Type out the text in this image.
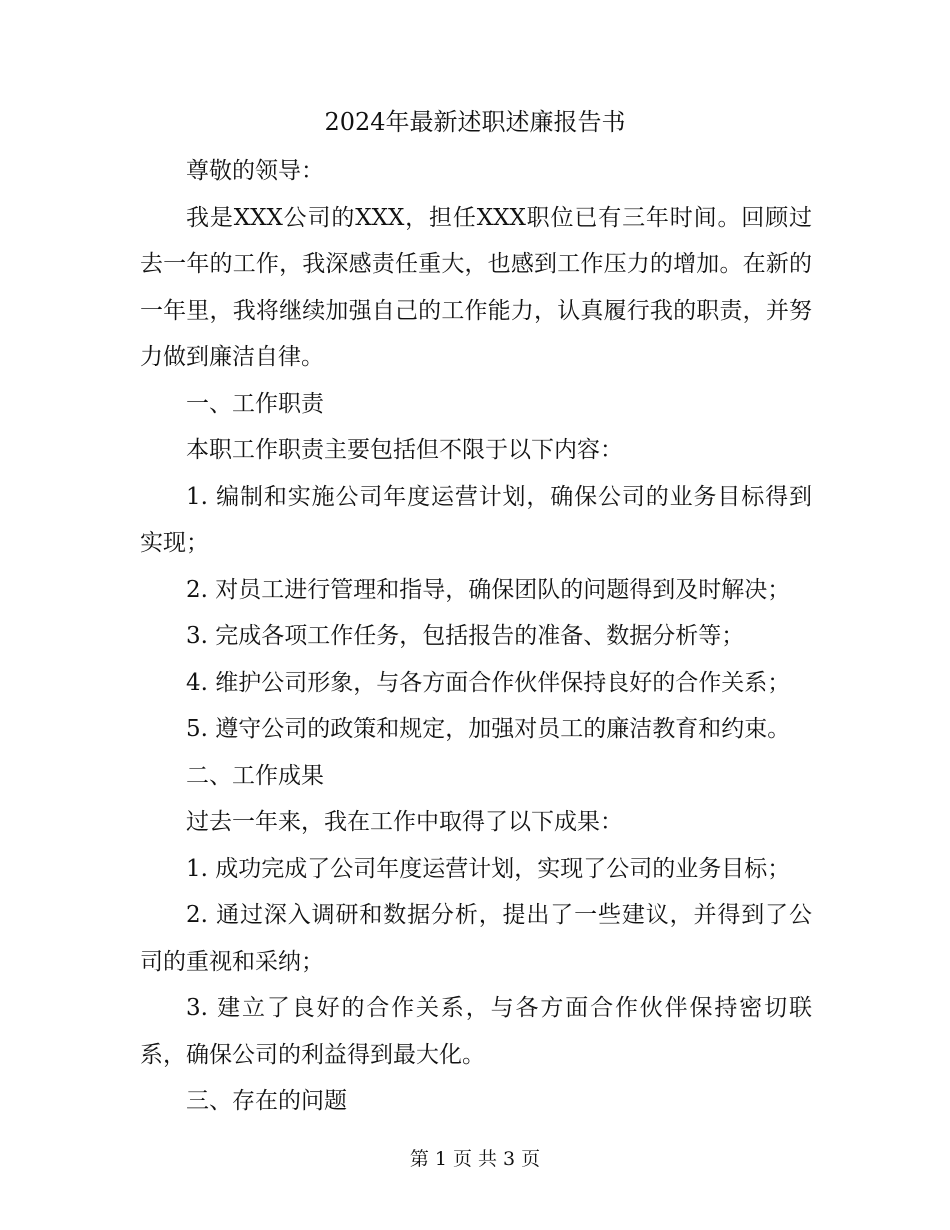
2024年最新述职述廉报告书

尊敬的领导：

我是XXX公司的XXX，担任XXX职位已有三年时间。回顾过去一年的工作，我深感责任重大，也感到工作压力的增加。在新的一年里，我将继续加强自己的工作能力，认真履行我的职责，并努力做到廉洁自律。

一、工作职责

本职工作职责主要包括但不限于以下内容：

1. 编制和实施公司年度运营计划，确保公司的业务目标得到实现；

2. 对员工进行管理和指导，确保团队的问题得到及时解决；

3. 完成各项工作任务，包括报告的准备、数据分析等；

4. 维护公司形象，与各方面合作伙伴保持良好的合作关系；

5. 遵守公司的政策和规定，加强对员工的廉洁教育和约束。

二、工作成果

过去一年来，我在工作中取得了以下成果：

1. 成功完成了公司年度运营计划，实现了公司的业务目标；

2. 通过深入调研和数据分析，提出了一些建议，并得到了公司的重视和采纳；

3. 建立了良好的合作关系，与各方面合作伙伴保持密切联系，确保公司的利益得到最大化。

三、存在的问题

第 1 页 共 3 页
